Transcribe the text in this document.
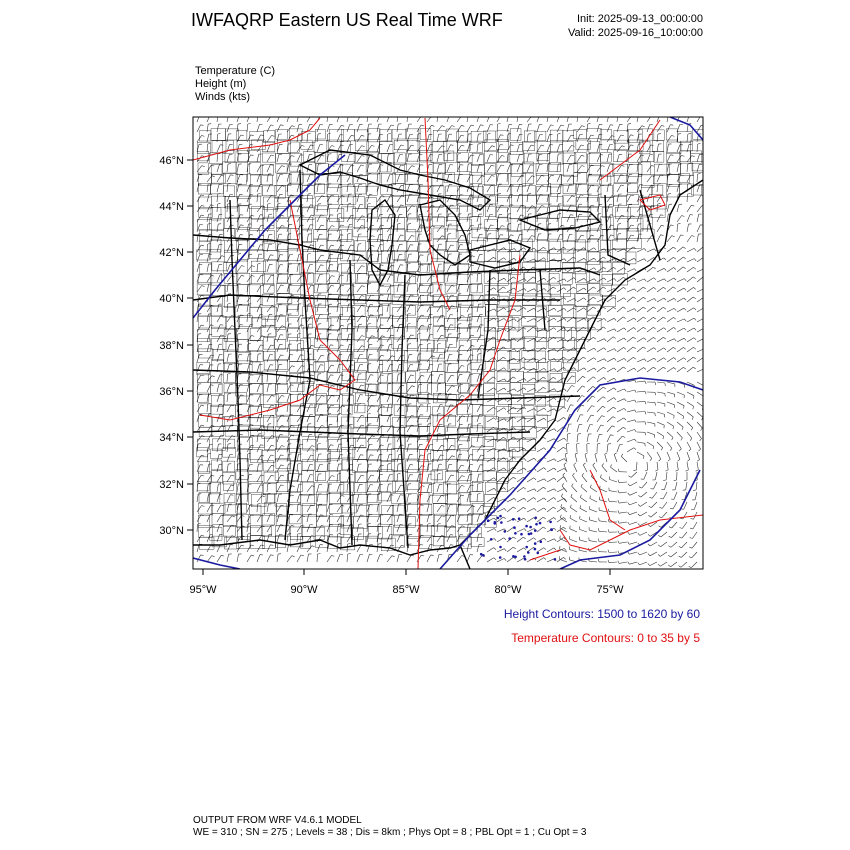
IWFAQRP Eastern US Real Time WRF	Init: 2025-09-13_00:00:00
Valid: 2025-09-16_10:00:00
Temperature (C)
Height (m)
Winds (kts)
46°N
44°N
42°N
40°N
38°N
36°N
34°N
32°N
30°N
95°W	90°W	85°W	80°W	75°W
Height Contours: 1500 to 1620 by 60
Temperature Contours: 0 to 35 by 5
OUTPUT FROM WRF V4.6.1 MODEL
WE = 310 ; SN = 275 ; Levels = 38 ; Dis = 8km ; Phys Opt = 8 ; PBL Opt = 1 ; Cu Opt = 3
